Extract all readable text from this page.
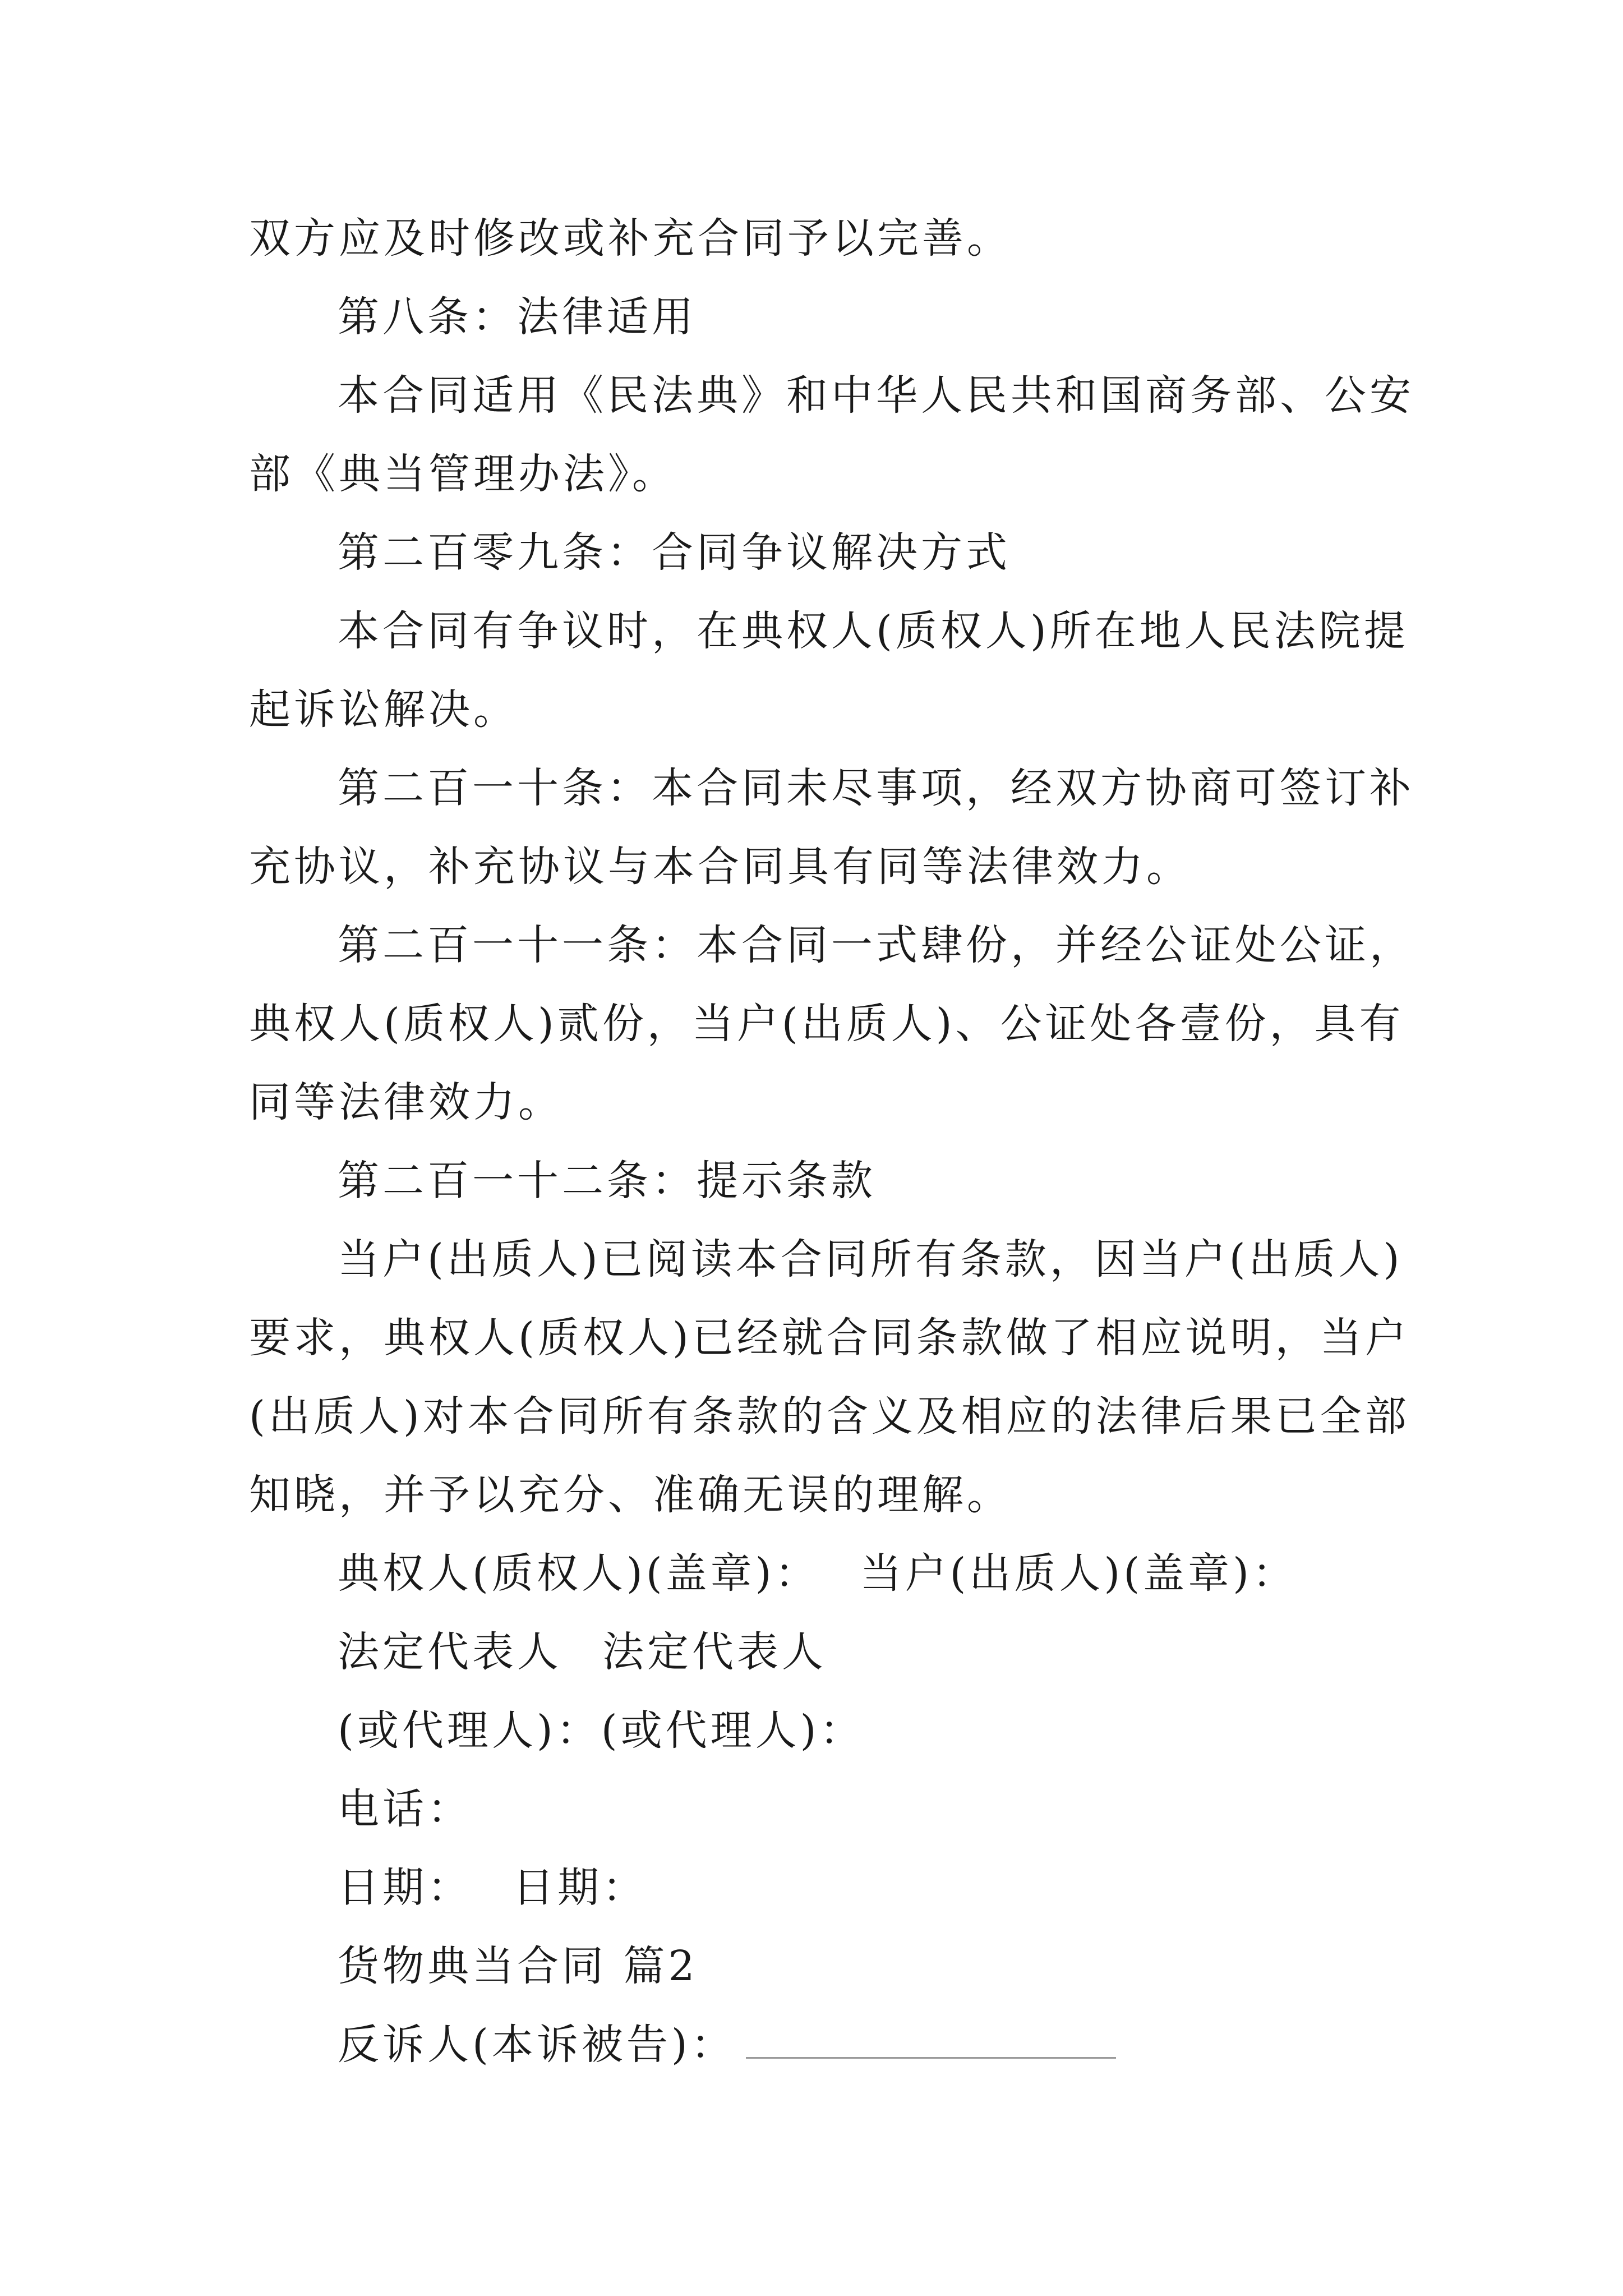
双方应及时修改或补充合同予以完善。
第八条：法律适用
本合同适用《民法典》和中华人民共和国商务部、公安
部《典当管理办法》。
第二百零九条：合同争议解决方式
本合同有争议时，在典权人(质权人)所在地人民法院提
起诉讼解决。
第二百一十条：本合同未尽事项，经双方协商可签订补
充协议，补充协议与本合同具有同等法律效力。
第二百一十一条：本合同一式肆份，并经公证处公证，
典权人(质权人)贰份，当户(出质人)、公证处各壹份，具有
同等法律效力。
第二百一十二条：提示条款
当户(出质人)已阅读本合同所有条款，因当户(出质人)
要求，典权人(质权人)已经就合同条款做了相应说明，当户
(出质人)对本合同所有条款的含义及相应的法律后果已全部
知晓，并予以充分、准确无误的理解。
典权人(质权人)(盖章)： 当户(出质人)(盖章)：
法定代表人 法定代表人
(或代理人)：(或代理人)：
电话：
日期： 日期：
货物典当合同 篇2
反诉人(本诉被告)：
